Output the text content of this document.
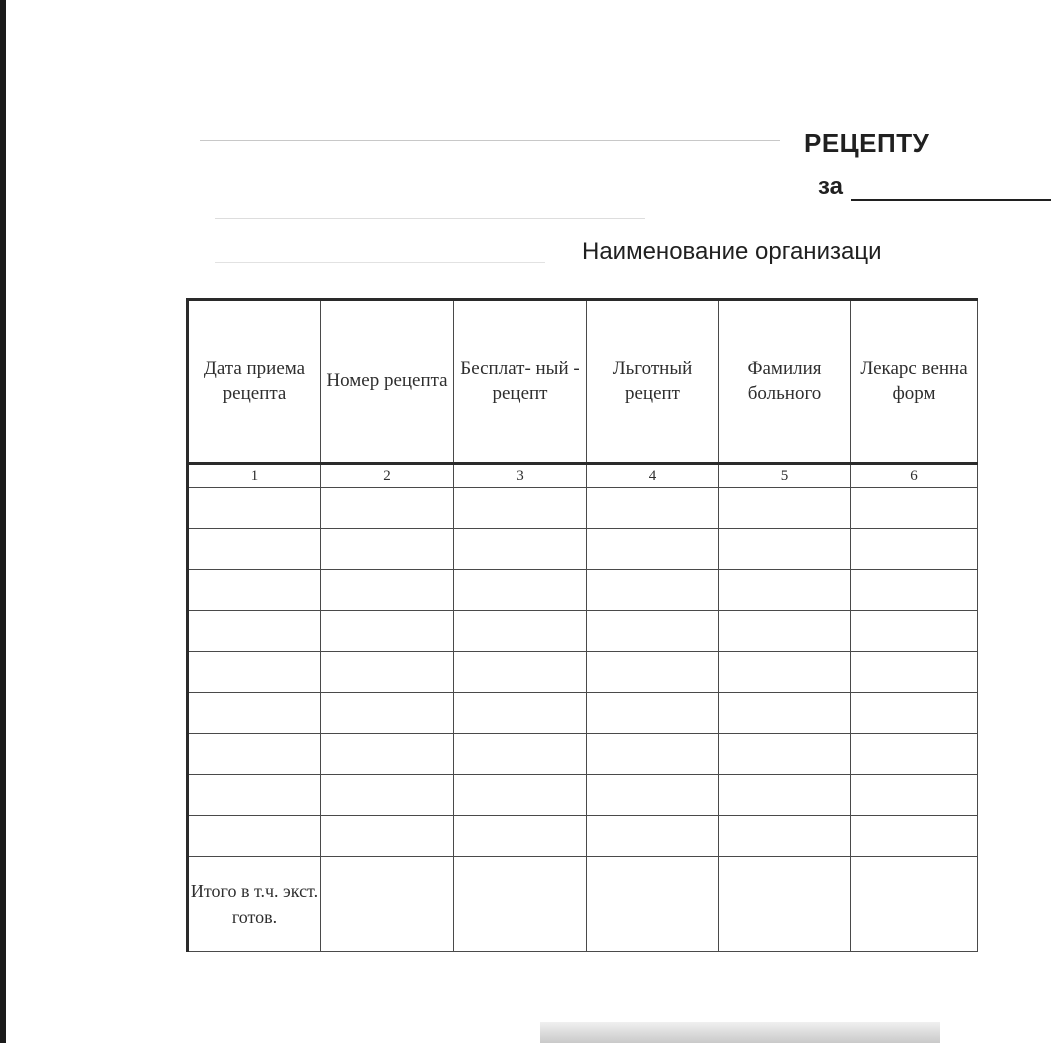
РЕЦЕПТУ
за
Наименование организаци
Дата приема рецепта	Номер рецепта	Бесплат- ный - рецепт	Льготный рецепт	Фамилия больного	Лекарс венна форм
1	2	3	4	5	6

Итого в т.ч. экст. готов.					
